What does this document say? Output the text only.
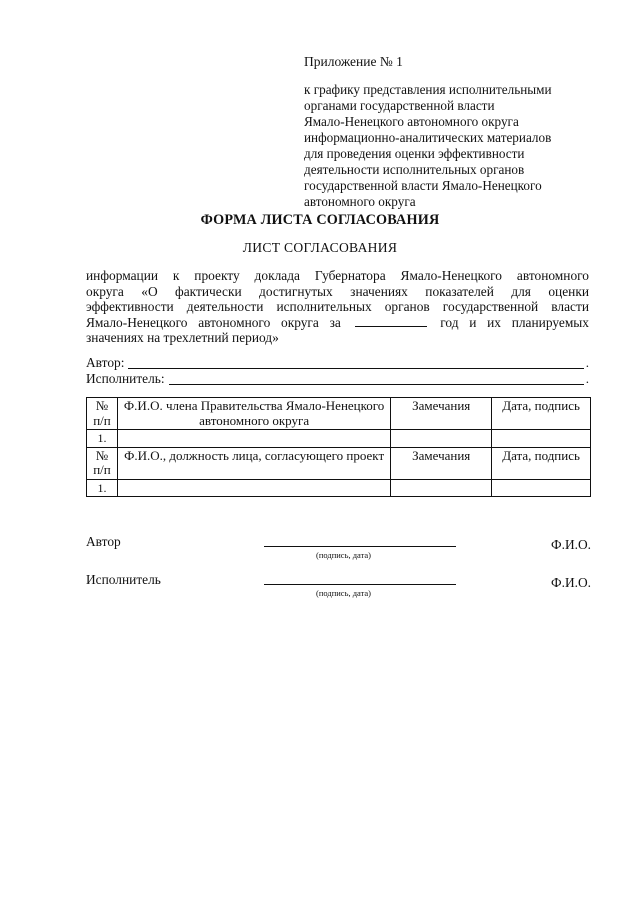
Приложение № 1
к графику представления исполнительными
органами государственной власти
Ямало-Ненецкого автономного округа
информационно-аналитических материалов
для проведения оценки эффективности
деятельности исполнительных органов
государственной власти Ямало-Ненецкого
автономного округа
ФОРМА ЛИСТА СОГЛАСОВАНИЯ
ЛИСТ СОГЛАСОВАНИЯ
информации к проекту доклада Губернатора Ямало-Ненецкого автономного
округа «О фактически достигнутых значениях показателей для оценки
эффективности деятельности исполнительных органов государственной власти
Ямало-Ненецкого автономного округа за	год и их планируемых
значениях на трехлетний период»
Автор:	.
Исполнитель:	.
№ п/п	Ф.И.О. члена Правительства Ямало-Ненецкого автономного округа	Замечания	Дата, подпись
1.			
№ п/п	Ф.И.О., должность лица, согласующего проект	Замечания	Дата, подпись
1.			
Автор
(подпись, дата)
Ф.И.О.
Исполнитель
(подпись, дата)
Ф.И.О.
